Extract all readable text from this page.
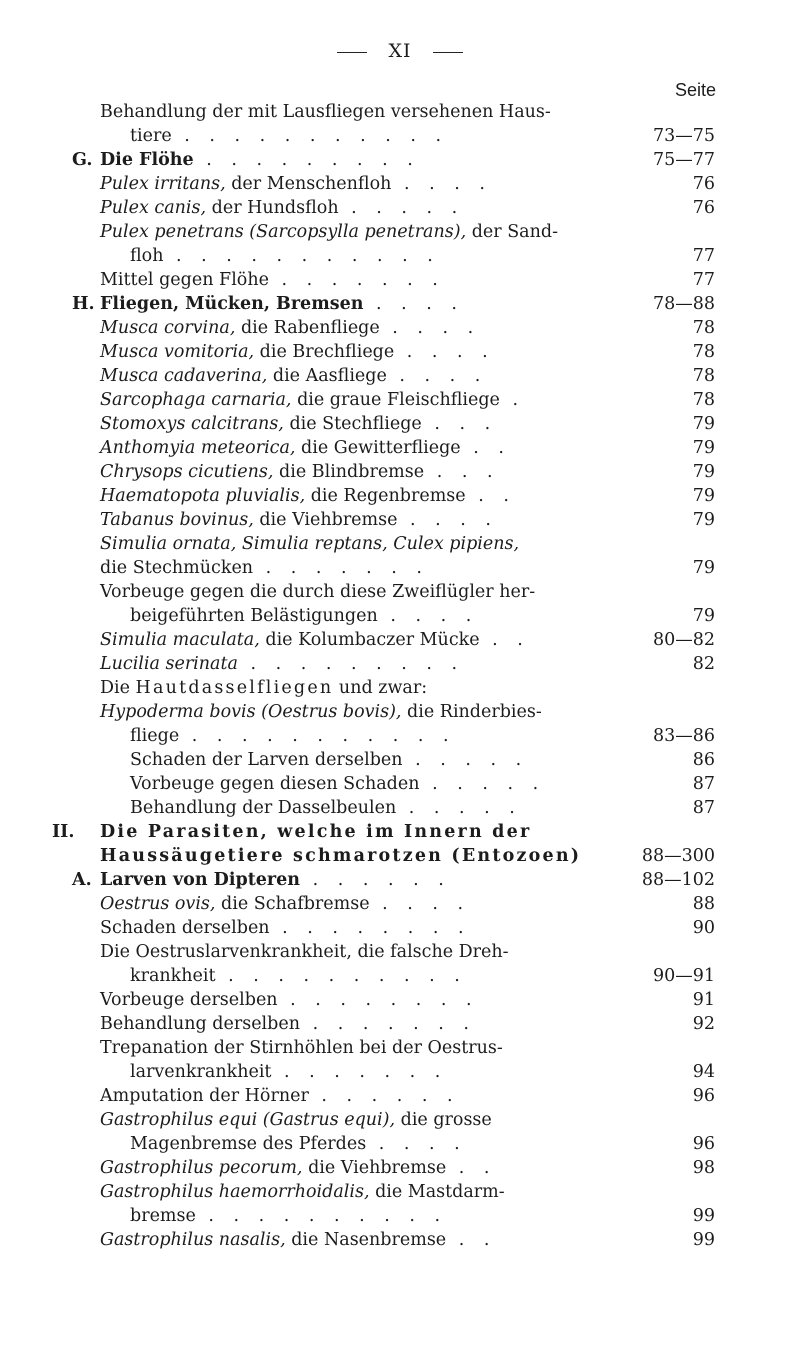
XI
Seite
Behandlung der mit Lausfliegen versehenen Haus-
tiere . . . . . . . . . . .	73—75
G. Die Flöhe . . . . . . . . .	75—77
Pulex irritans, der Menschenfloh . . . .	76
Pulex canis, der Hundsfloh . . . . .	76
Pulex penetrans (Sarcopsylla penetrans), der Sand-
floh . . . . . . . . . . .	77
Mittel gegen Flöhe . . . . . . .	77
H. Fliegen, Mücken, Bremsen . . . .	78—88
Musca corvina, die Rabenfliege . . . .	78
Musca vomitoria, die Brechfliege . . . .	78
Musca cadaverina, die Aasfliege . . . .	78
Sarcophaga carnaria, die graue Fleischfliege .	78
Stomoxys calcitrans, die Stechfliege . . .	79
Anthomyia meteorica, die Gewitterfliege . .	79
Chrysops cicutiens, die Blindbremse . . .	79
Haematopota pluvialis, die Regenbremse . .	79
Tabanus bovinus, die Viehbremse . . . .	79
Simulia ornata, Simulia reptans, Culex pipiens,
die Stechmücken . . . . . . .	79
Vorbeuge gegen die durch diese Zweiflügler her-
beigeführten Belästigungen . . . .	79
Simulia maculata, die Kolumbaczer Mücke . .	80—82
Lucilia serinata . . . . . . . . .	82
Die Hautdasselfliegen und zwar:
Hypoderma bovis (Oestrus bovis), die Rinderbies-
fliege . . . . . . . . . . .	83—86
Schaden der Larven derselben . . . . .	86
Vorbeuge gegen diesen Schaden . . . . .	87
Behandlung der Dasselbeulen . . . . .	87
II. Die Parasiten, welche im Innern der
Haussäugetiere schmarotzen (Entozoen)	88—300
A. Larven von Dipteren . . . . . .	88—102
Oestrus ovis, die Schafbremse . . . .	88
Schaden derselben . . . . . . . .	90
Die Oestruslarvenkrankheit, die falsche Dreh-
krankheit . . . . . . . . . .	90—91
Vorbeuge derselben . . . . . . . .	91
Behandlung derselben . . . . . . .	92
Trepanation der Stirnhöhlen bei der Oestrus-
larvenkrankheit . . . . . . .	94
Amputation der Hörner . . . . . .	96
Gastrophilus equi (Gastrus equi), die grosse
Magenbremse des Pferdes . . . .	96
Gastrophilus pecorum, die Viehbremse . .	98
Gastrophilus haemorrhoidalis, die Mastdarm-
bremse . . . . . . . . . .	99
Gastrophilus nasalis, die Nasenbremse . .	99
